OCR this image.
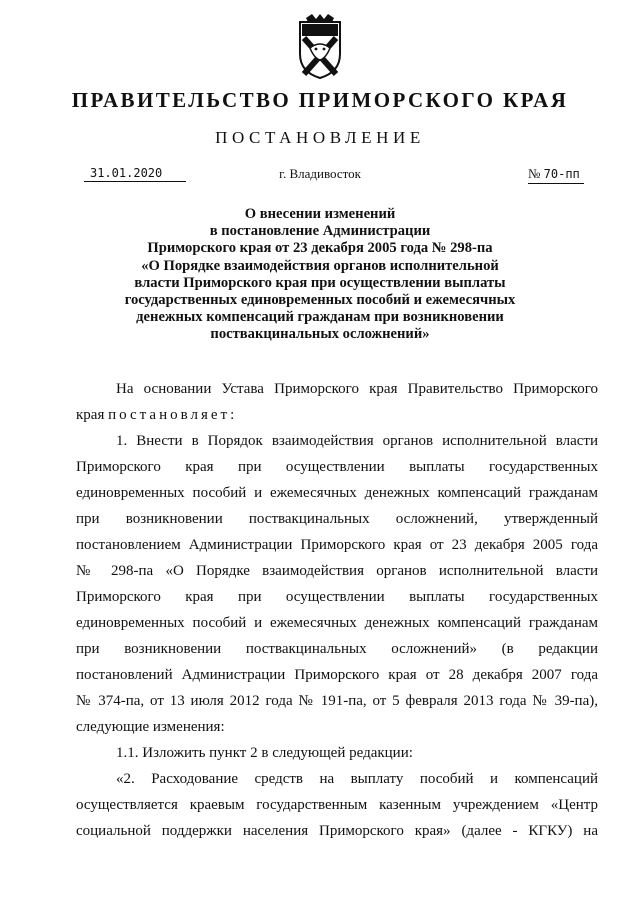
ПРАВИТЕЛЬСТВО ПРИМОРСКОГО КРАЯ
ПОСТАНОВЛЕНИЕ
31.01.2020	г. Владивосток	№ 70-пп
О внесении изменений
в постановление Администрации
Приморского края от 23 декабря 2005 года № 298-па
«О Порядке взаимодействия органов исполнительной
власти Приморского края при осуществлении выплаты
государственных единовременных пособий и ежемесячных
денежных компенсаций гражданам при возникновении
поствакцинальных осложнений»
На основании Устава Приморского края Правительство Приморского
края постановляет:
1. Внести в Порядок взаимодействия органов исполнительной власти
Приморского края при осуществлении выплаты государственных
единовременных пособий и ежемесячных денежных компенсаций гражданам
при возникновении поствакцинальных осложнений, утвержденный
постановлением Администрации Приморского края от 23 декабря 2005 года
№ 298-па «О Порядке взаимодействия органов исполнительной власти
Приморского края при осуществлении выплаты государственных
единовременных пособий и ежемесячных денежных компенсаций гражданам
при возникновении поствакцинальных осложнений» (в редакции
постановлений Администрации Приморского края от 28 декабря 2007 года
№ 374-па, от 13 июля 2012 года № 191-па, от 5 февраля 2013 года № 39-па),
следующие изменения:
1.1. Изложить пункт 2 в следующей редакции:
«2. Расходование средств на выплату пособий и компенсаций
осуществляется краевым государственным казенным учреждением «Центр
социальной поддержки населения Приморского края» (далее - КГКУ) на
